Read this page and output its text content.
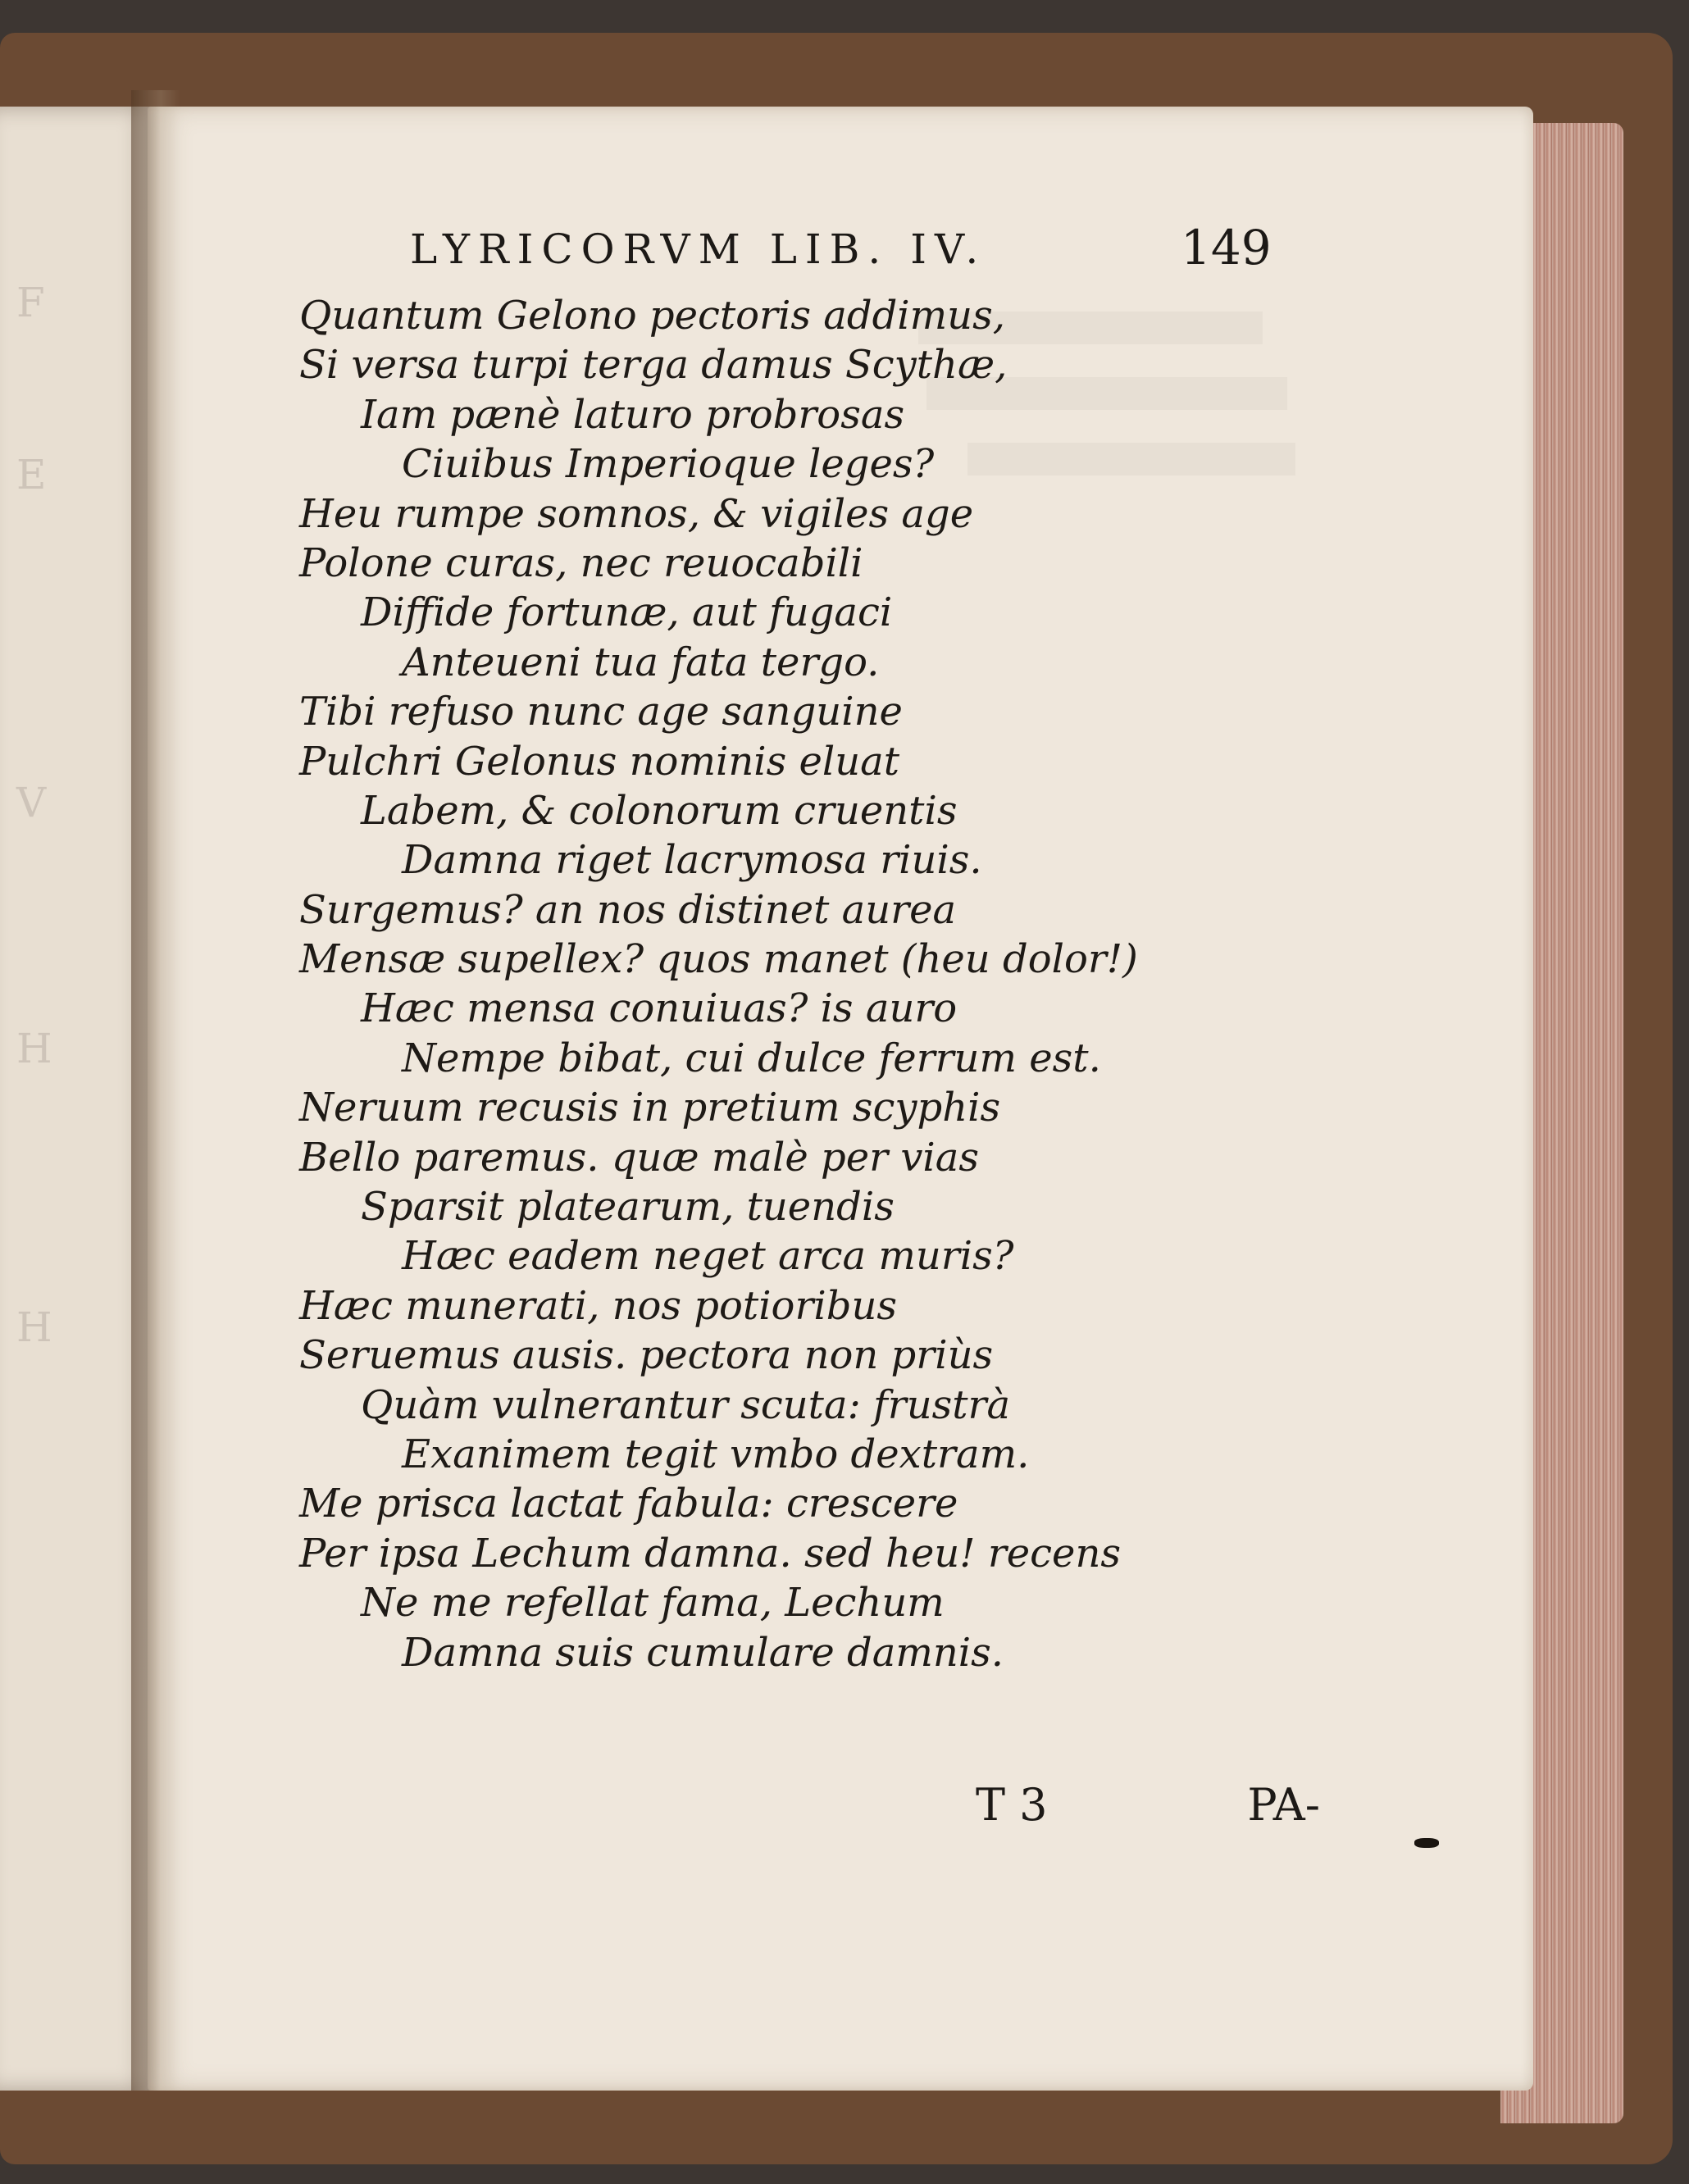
F
E
V
H
H
LYRICORVM LIB. IV.	149
Quantum Gelono pectoris addimus,
Si versa turpi terga damus Scythæ,
Iam pænè laturo probrosas
Ciuibus Imperioque leges?
Heu rumpe somnos, & vigiles age
Polone curas, nec reuocabili
Diffide fortunæ, aut fugaci
Anteueni tua fata tergo.
Tibi refuso nunc age sanguine
Pulchri Gelonus nominis eluat
Labem, & colonorum cruentis
Damna riget lacrymosa riuis.
Surgemus? an nos distinet aurea
Mensæ supellex? quos manet (heu dolor!)
Hæc mensa conuiuas? is auro
Nempe bibat, cui dulce ferrum est.
Neruum recusis in pretium scyphis
Bello paremus. quæ malè per vias
Sparsit platearum, tuendis
Hæc eadem neget arca muris?
Hæc munerati, nos potioribus
Seruemus ausis. pectora non priùs
Quàm vulnerantur scuta: frustrà
Exanimem tegit vmbo dextram.
Me prisca lactat fabula: crescere
Per ipsa Lechum damna. sed heu! recens
Ne me refellat fama, Lechum
Damna suis cumulare damnis.
T 3	PA-
